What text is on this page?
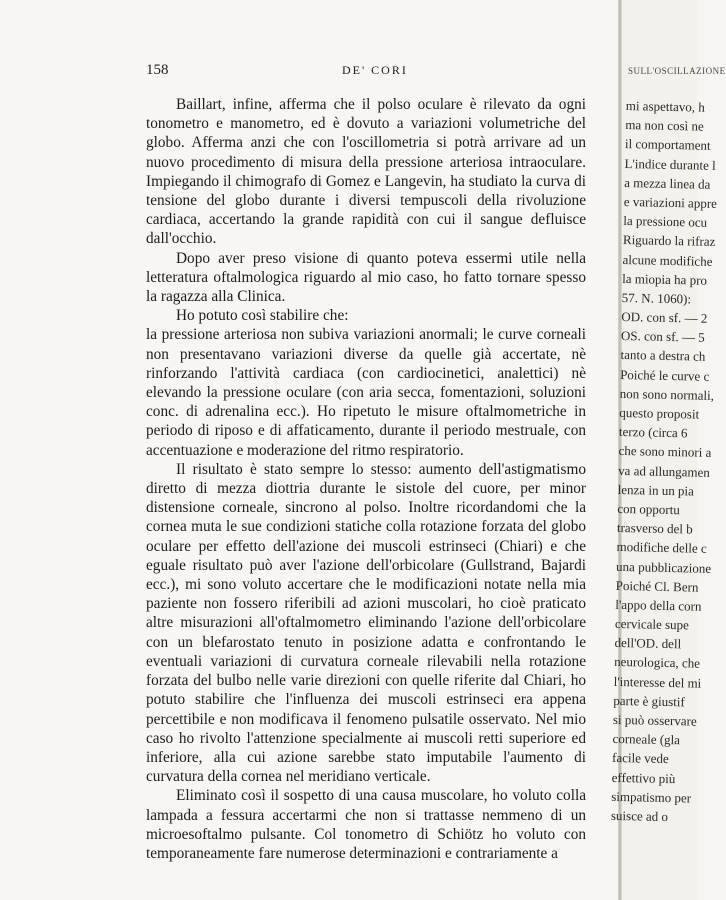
158	DE' CORI

Baillart, infine, afferma che il polso oculare è rilevato da ogni tonometro e manometro, ed è dovuto a variazioni volumetriche del globo. Afferma anzi che con l'oscillometria si potrà arrivare ad un nuovo procedimento di misura della pressione arteriosa intraoculare. Impiegando il chimografo di Gomez e Langevin, ha studiato la curva di tensione del globo durante i diversi tempuscoli della rivoluzione cardiaca, accertando la grande rapidità con cui il sangue defluisce dall'occhio.

Dopo aver preso visione di quanto poteva essermi utile nella letteratura oftalmologica riguardo al mio caso, ho fatto tornare spesso la ragazza alla Clinica.

Ho potuto così stabilire che:

la pressione arteriosa non subiva variazioni anormali; le curve corneali non presentavano variazioni diverse da quelle già accertate, nè rinforzando l'attività cardiaca (con cardiocinetici, analettici) nè elevando la pressione oculare (con aria secca, fomentazioni, soluzioni conc. di adrenalina ecc.). Ho ripetuto le misure oftalmometriche in periodo di riposo e di affaticamento, durante il periodo mestruale, con accentuazione e moderazione del ritmo respiratorio.

Il risultato è stato sempre lo stesso: aumento dell'astigmatismo diretto di mezza diottria durante le sistole del cuore, per minor distensione corneale, sincrono al polso. Inoltre ricordandomi che la cornea muta le sue condizioni statiche colla rotazione forzata del globo oculare per effetto dell'azione dei muscoli estrinseci (Chiari) e che eguale risultato può aver l'azione dell'orbicolare (Gullstrand, Bajardi ecc.), mi sono voluto accertare che le modificazioni notate nella mia paziente non fossero riferibili ad azioni muscolari, ho cioè praticato altre misurazioni all'oftalmometro eliminando l'azione dell'orbicolare con un blefarostato tenuto in posizione adatta e confrontando le eventuali variazioni di curvatura corneale rilevabili nella rotazione forzata del bulbo nelle varie direzioni con quelle riferite dal Chiari, ho potuto stabilire che l'influenza dei muscoli estrinseci era appena percettibile e non modificava il fenomeno pulsatile osservato. Nel mio caso ho rivolto l'attenzione specialmente ai muscoli retti superiore ed inferiore, alla cui azione sarebbe stato imputabile l'aumento di curvatura della cornea nel meridiano verticale.

Eliminato così il sospetto di una causa muscolare, ho voluto colla lampada a fessura accertarmi che non si trattasse nemmeno di un microesoftalmo pulsante. Col tonometro di Schiötz ho voluto con temporaneamente fare numerose determinazioni e contrariamente a

SULL'OSCILLAZIONE
mi aspettavo, h
ma non così ne
il comportament
L'indice durante l
a mezza linea da
e variazioni appre
la pressione ocu
Riguardo la rifraz
alcune modifiche
la miopia ha pro
57. N. 1060):
OD. con sf. — 2
OS. con sf. — 5
tanto a destra ch
Poiché le curve c
non sono normali,
questo proposit
terzo (circa 6
che sono minori a
va ad allungamen
lenza in un pia
con opportu
trasverso del b
modifiche delle c
una pubblicazione
Poiché Cl. Bern
l'appo della corn
cervicale supe
dell'OD. dell
neurologica, che
l'interesse del mi
parte è giustif
si può osservare
corneale (gla
facile vede
effettivo più
simpatismo per
suisce ad o
